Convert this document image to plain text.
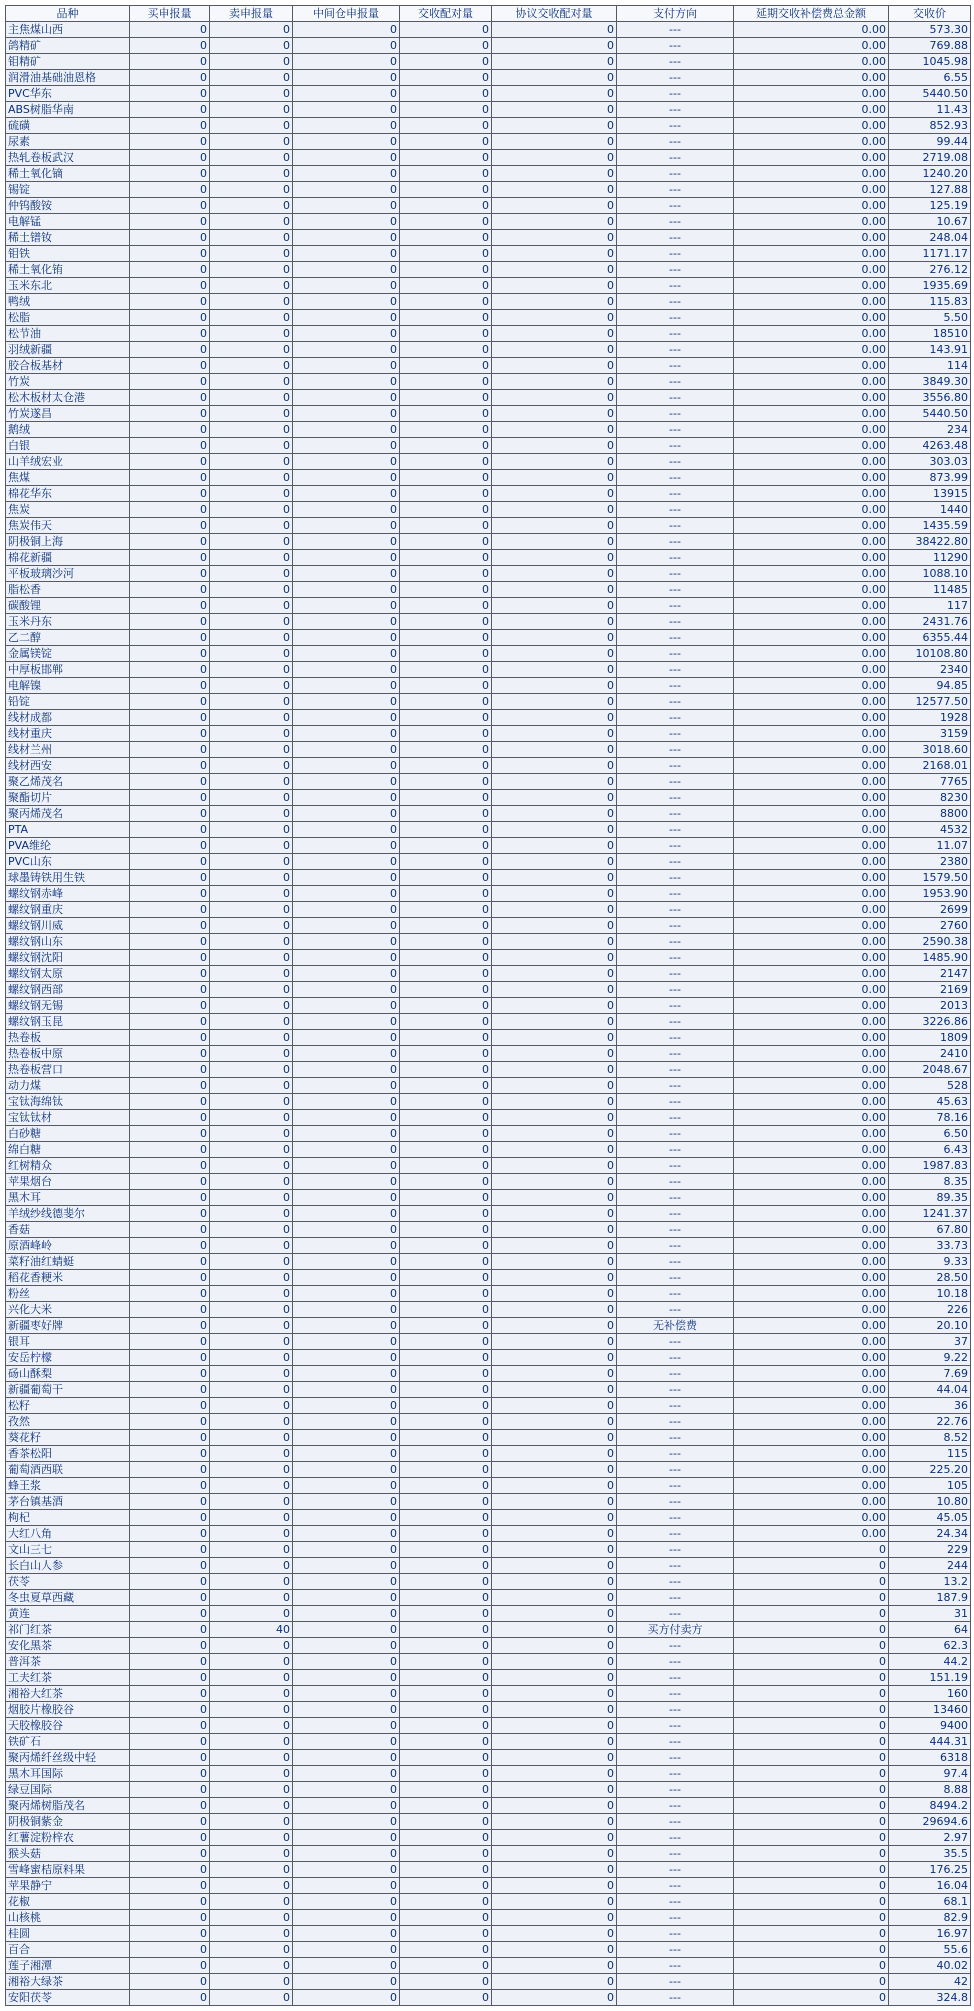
品种	买申报量	卖申报量	中间仓申报量	交收配对量	协议交收配对量	支付方向	延期交收补偿费总金额	交收价
主焦煤山西	0	0	0	0	0	---	0.00	573.30
鸽精矿	0	0	0	0	0	---	0.00	769.88
钼精矿	0	0	0	0	0	---	0.00	1045.98
润滑油基础油恩格	0	0	0	0	0	---	0.00	6.55
PVC华东	0	0	0	0	0	---	0.00	5440.50
ABS树脂华南	0	0	0	0	0	---	0.00	11.43
硫磺	0	0	0	0	0	---	0.00	852.93
尿素	0	0	0	0	0	---	0.00	99.44
热轧卷板武汉	0	0	0	0	0	---	0.00	2719.08
稀土氧化镝	0	0	0	0	0	---	0.00	1240.20
锡锭	0	0	0	0	0	---	0.00	127.88
仲钨酸铵	0	0	0	0	0	---	0.00	125.19
电解锰	0	0	0	0	0	---	0.00	10.67
稀土镨钕	0	0	0	0	0	---	0.00	248.04
钼铁	0	0	0	0	0	---	0.00	1171.17
稀土氧化铕	0	0	0	0	0	---	0.00	276.12
玉米东北	0	0	0	0	0	---	0.00	1935.69
鸭绒	0	0	0	0	0	---	0.00	115.83
松脂	0	0	0	0	0	---	0.00	5.50
松节油	0	0	0	0	0	---	0.00	18510
羽绒新疆	0	0	0	0	0	---	0.00	143.91
胶合板基材	0	0	0	0	0	---	0.00	114
竹炭	0	0	0	0	0	---	0.00	3849.30
松木板材太仓港	0	0	0	0	0	---	0.00	3556.80
竹炭遂昌	0	0	0	0	0	---	0.00	5440.50
鹅绒	0	0	0	0	0	---	0.00	234
白银	0	0	0	0	0	---	0.00	4263.48
山羊绒宏业	0	0	0	0	0	---	0.00	303.03
焦煤	0	0	0	0	0	---	0.00	873.99
棉花华东	0	0	0	0	0	---	0.00	13915
焦炭	0	0	0	0	0	---	0.00	1440
焦炭伟天	0	0	0	0	0	---	0.00	1435.59
阴极铜上海	0	0	0	0	0	---	0.00	38422.80
棉花新疆	0	0	0	0	0	---	0.00	11290
平板玻璃沙河	0	0	0	0	0	---	0.00	1088.10
脂松香	0	0	0	0	0	---	0.00	11485
碳酸锂	0	0	0	0	0	---	0.00	117
玉米丹东	0	0	0	0	0	---	0.00	2431.76
乙二醇	0	0	0	0	0	---	0.00	6355.44
金属镁锭	0	0	0	0	0	---	0.00	10108.80
中厚板邯郸	0	0	0	0	0	---	0.00	2340
电解镍	0	0	0	0	0	---	0.00	94.85
铅锭	0	0	0	0	0	---	0.00	12577.50
线材成都	0	0	0	0	0	---	0.00	1928
线材重庆	0	0	0	0	0	---	0.00	3159
线材兰州	0	0	0	0	0	---	0.00	3018.60
线材西安	0	0	0	0	0	---	0.00	2168.01
聚乙烯茂名	0	0	0	0	0	---	0.00	7765
聚酯切片	0	0	0	0	0	---	0.00	8230
聚丙烯茂名	0	0	0	0	0	---	0.00	8800
PTA	0	0	0	0	0	---	0.00	4532
PVA维纶	0	0	0	0	0	---	0.00	11.07
PVC山东	0	0	0	0	0	---	0.00	2380
球墨铸铁用生铁	0	0	0	0	0	---	0.00	1579.50
螺纹钢赤峰	0	0	0	0	0	---	0.00	1953.90
螺纹钢重庆	0	0	0	0	0	---	0.00	2699
螺纹钢川威	0	0	0	0	0	---	0.00	2760
螺纹钢山东	0	0	0	0	0	---	0.00	2590.38
螺纹钢沈阳	0	0	0	0	0	---	0.00	1485.90
螺纹钢太原	0	0	0	0	0	---	0.00	2147
螺纹钢西部	0	0	0	0	0	---	0.00	2169
螺纹钢无锡	0	0	0	0	0	---	0.00	2013
螺纹钢玉昆	0	0	0	0	0	---	0.00	3226.86
热卷板	0	0	0	0	0	---	0.00	1809
热卷板中原	0	0	0	0	0	---	0.00	2410
热卷板营口	0	0	0	0	0	---	0.00	2048.67
动力煤	0	0	0	0	0	---	0.00	528
宝钛海绵钛	0	0	0	0	0	---	0.00	45.63
宝钛钛材	0	0	0	0	0	---	0.00	78.16
白砂糖	0	0	0	0	0	---	0.00	6.50
绵白糖	0	0	0	0	0	---	0.00	6.43
红树精众	0	0	0	0	0	---	0.00	1987.83
苹果烟台	0	0	0	0	0	---	0.00	8.35
黑木耳	0	0	0	0	0	---	0.00	89.35
羊绒纱线德斐尔	0	0	0	0	0	---	0.00	1241.37
香菇	0	0	0	0	0	---	0.00	67.80
原酒峰岭	0	0	0	0	0	---	0.00	33.73
菜籽油红蜻蜓	0	0	0	0	0	---	0.00	9.33
稻花香粳米	0	0	0	0	0	---	0.00	28.50
粉丝	0	0	0	0	0	---	0.00	10.18
兴化大米	0	0	0	0	0	---	0.00	226
新疆枣好牌	0	0	0	0	0	无补偿费	0.00	20.10
银耳	0	0	0	0	0	---	0.00	37
安岳柠檬	0	0	0	0	0	---	0.00	9.22
砀山酥梨	0	0	0	0	0	---	0.00	7.69
新疆葡萄干	0	0	0	0	0	---	0.00	44.04
松籽	0	0	0	0	0	---	0.00	36
孜然	0	0	0	0	0	---	0.00	22.76
葵花籽	0	0	0	0	0	---	0.00	8.52
香茶松阳	0	0	0	0	0	---	0.00	115
葡萄酒西联	0	0	0	0	0	---	0.00	225.20
蜂王浆	0	0	0	0	0	---	0.00	105
茅台镇基酒	0	0	0	0	0	---	0.00	10.80
枸杞	0	0	0	0	0	---	0.00	45.05
大红八角	0	0	0	0	0	---	0.00	24.34
文山三七	0	0	0	0	0	---	0	229
长白山人参	0	0	0	0	0	---	0	244
茯苓	0	0	0	0	0	---	0	13.2
冬虫夏草西藏	0	0	0	0	0	---	0	187.9
黄连	0	0	0	0	0	---	0	31
祁门红茶	0	40	0	0	0	买方付卖方	0	64
安化黑茶	0	0	0	0	0	---	0	62.3
普洱茶	0	0	0	0	0	---	0	44.2
工夫红茶	0	0	0	0	0	---	0	151.19
湘裕大红茶	0	0	0	0	0	---	0	160
烟胶片橡胶谷	0	0	0	0	0	---	0	13460
天胶橡胶谷	0	0	0	0	0	---	0	9400
铁矿石	0	0	0	0	0	---	0	444.31
聚丙烯纤丝级中轻	0	0	0	0	0	---	0	6318
黑木耳国际	0	0	0	0	0	---	0	97.4
绿豆国际	0	0	0	0	0	---	0	8.88
聚丙烯树脂茂名	0	0	0	0	0	---	0	8494.2
阴极铜紫金	0	0	0	0	0	---	0	29694.6
红薯淀粉梓农	0	0	0	0	0	---	0	2.97
猴头菇	0	0	0	0	0	---	0	35.5
雪峰蜜桔原料果	0	0	0	0	0	---	0	176.25
苹果静宁	0	0	0	0	0	---	0	16.04
花椒	0	0	0	0	0	---	0	68.1
山核桃	0	0	0	0	0	---	0	82.9
桂圆	0	0	0	0	0	---	0	16.97
百合	0	0	0	0	0	---	0	55.6
莲子湘潭	0	0	0	0	0	---	0	40.02
湘裕大绿茶	0	0	0	0	0	---	0	42
安阳茯苓	0	0	0	0	0	---	0	324.8
